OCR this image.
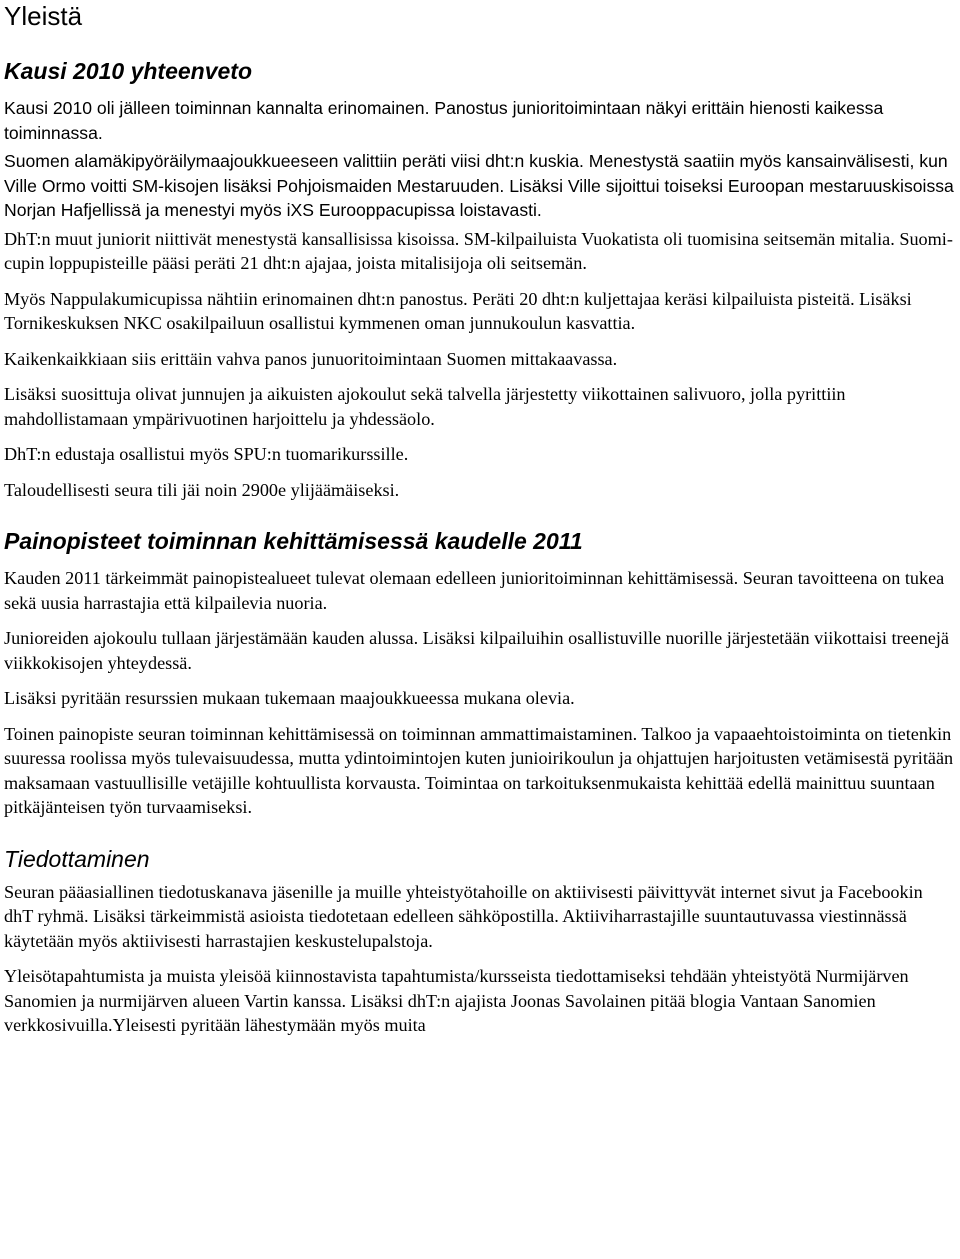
Yleistä
Kausi 2010 yhteenveto

Kausi 2010 oli jälleen toiminnan kannalta erinomainen. Panostus junioritoimintaan näkyi erittäin hienosti kaikessa toiminnassa.

Suomen alamäkipyöräilymaajoukkueeseen valittiin peräti viisi dht:n kuskia. Menestystä saatiin myös kansainvälisesti, kun Ville Ormo voitti SM-kisojen lisäksi Pohjoismaiden Mestaruuden. Lisäksi Ville sijoittui toiseksi Euroopan mestaruuskisoissa Norjan Hafjellissä ja menestyi myös iXS Eurooppacupissa loistavasti.

DhT:n muut juniorit niittivät menestystä kansallisissa kisoissa. SM-kilpailuista Vuokatista oli tuomisina seitsemän mitalia. Suomi-cupin loppupisteille pääsi peräti 21 dht:n ajajaa, joista mitalisijoja oli seitsemän.

Myös Nappulakumicupissa nähtiin erinomainen dht:n panostus. Peräti 20 dht:n kuljettajaa keräsi kilpailuista pisteitä. Lisäksi Tornikeskuksen NKC osakilpailuun osallistui kymmenen oman junnukoulun kasvattia.

Kaikenkaikkiaan siis erittäin vahva panos junuoritoimintaan Suomen mittakaavassa.

Lisäksi suosittuja olivat junnujen ja aikuisten ajokoulut sekä talvella järjestetty viikottainen salivuoro, jolla pyrittiin mahdollistamaan ympärivuotinen harjoittelu ja yhdessäolo.

DhT:n edustaja osallistui myös SPU:n tuomarikurssille.

Taloudellisesti seura tili jäi noin 2900e ylijäämäiseksi.

Painopisteet toiminnan kehittämisessä kaudelle 2011

Kauden 2011 tärkeimmät painopistealueet tulevat olemaan edelleen junioritoiminnan kehittämisessä. Seuran tavoitteena on tukea sekä uusia harrastajia että kilpailevia nuoria.

Junioreiden ajokoulu tullaan järjestämään kauden alussa. Lisäksi kilpailuihin osallistuville nuorille järjestetään viikottaisi treenejä viikkokisojen yhteydessä.

Lisäksi pyritään resurssien mukaan tukemaan maajoukkueessa mukana olevia.

Toinen painopiste seuran toiminnan kehittämisessä on toiminnan ammattimaistaminen. Talkoo ja vapaaehtoistoiminta on tietenkin suuressa roolissa myös tulevaisuudessa, mutta ydintoimintojen kuten junioirikoulun ja ohjattujen harjoitusten vetämisestä pyritään maksamaan vastuullisille vetäjille kohtuullista korvausta. Toimintaa on tarkoituksenmukaista kehittää edellä mainittuu suuntaan pitkäjänteisen työn turvaamiseksi.

Tiedottaminen

Seuran pääasiallinen tiedotuskanava jäsenille ja muille yhteistyötahoille on aktiivisesti päivittyvät internet sivut ja Facebookin dhT ryhmä. Lisäksi tärkeimmistä asioista tiedotetaan edelleen sähköpostilla. Aktiiviharrastajille suuntautuvassa viestinnässä käytetään myös aktiivisesti harrastajien keskustelupalstoja.

Yleisötapahtumista ja muista yleisöä kiinnostavista tapahtumista/kursseista tiedottamiseksi tehdään yhteistyötä Nurmijärven Sanomien ja nurmijärven alueen Vartin kanssa. Lisäksi dhT:n ajajista Joonas Savolainen pitää blogia Vantaan Sanomien verkkosivuilla.Yleisesti pyritään lähestymään myös muita
